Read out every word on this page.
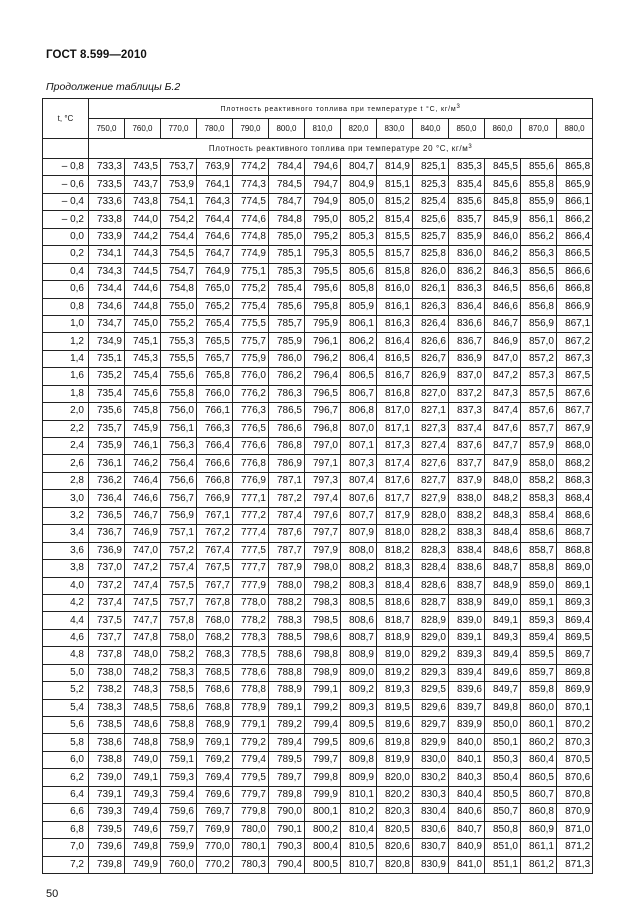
ГОСТ 8.599—2010
Продолжение таблицы Б.2
t, °C	Плотность реактивного топлива при температуре t °C, $кг/м^3$
	750,0	760,0	770,0	780,0	790,0	800,0	810,0	820,0	830,0	840,0	850,0	860,0	870,0	880,0
	Плотность реактивного топлива при температуре 20 °C, $кг/м^3$
– 0,8	733,3	743,5	753,7	763,9	774,2	784,4	794,6	804,7	814,9	825,1	835,3	845,5	855,6	865,8
– 0,6	733,5	743,7	753,9	764,1	774,3	784,5	794,7	804,9	815,1	825,3	835,4	845,6	855,8	865,9
– 0,4	733,6	743,8	754,1	764,3	774,5	784,7	794,9	805,0	815,2	825,4	835,6	845,8	855,9	866,1
– 0,2	733,8	744,0	754,2	764,4	774,6	784,8	795,0	805,2	815,4	825,6	835,7	845,9	856,1	866,2
0,0	733,9	744,2	754,4	764,6	774,8	785,0	795,2	805,3	815,5	825,7	835,9	846,0	856,2	866,4
0,2	734,1	744,3	754,5	764,7	774,9	785,1	795,3	805,5	815,7	825,8	836,0	846,2	856,3	866,5
0,4	734,3	744,5	754,7	764,9	775,1	785,3	795,5	805,6	815,8	826,0	836,2	846,3	856,5	866,6
0,6	734,4	744,6	754,8	765,0	775,2	785,4	795,6	805,8	816,0	826,1	836,3	846,5	856,6	866,8
0,8	734,6	744,8	755,0	765,2	775,4	785,6	795,8	805,9	816,1	826,3	836,4	846,6	856,8	866,9
1,0	734,7	745,0	755,2	765,4	775,5	785,7	795,9	806,1	816,3	826,4	836,6	846,7	856,9	867,1
1,2	734,9	745,1	755,3	765,5	775,7	785,9	796,1	806,2	816,4	826,6	836,7	846,9	857,0	867,2
1,4	735,1	745,3	755,5	765,7	775,9	786,0	796,2	806,4	816,5	826,7	836,9	847,0	857,2	867,3
1,6	735,2	745,4	755,6	765,8	776,0	786,2	796,4	806,5	816,7	826,9	837,0	847,2	857,3	867,5
1,8	735,4	745,6	755,8	766,0	776,2	786,3	796,5	806,7	816,8	827,0	837,2	847,3	857,5	867,6
2,0	735,6	745,8	756,0	766,1	776,3	786,5	796,7	806,8	817,0	827,1	837,3	847,4	857,6	867,7
2,2	735,7	745,9	756,1	766,3	776,5	786,6	796,8	807,0	817,1	827,3	837,4	847,6	857,7	867,9
2,4	735,9	746,1	756,3	766,4	776,6	786,8	797,0	807,1	817,3	827,4	837,6	847,7	857,9	868,0
2,6	736,1	746,2	756,4	766,6	776,8	786,9	797,1	807,3	817,4	827,6	837,7	847,9	858,0	868,2
2,8	736,2	746,4	756,6	766,8	776,9	787,1	797,3	807,4	817,6	827,7	837,9	848,0	858,2	868,3
3,0	736,4	746,6	756,7	766,9	777,1	787,2	797,4	807,6	817,7	827,9	838,0	848,2	858,3	868,4
3,2	736,5	746,7	756,9	767,1	777,2	787,4	797,6	807,7	817,9	828,0	838,2	848,3	858,4	868,6
3,4	736,7	746,9	757,1	767,2	777,4	787,6	797,7	807,9	818,0	828,2	838,3	848,4	858,6	868,7
3,6	736,9	747,0	757,2	767,4	777,5	787,7	797,9	808,0	818,2	828,3	838,4	848,6	858,7	868,8
3,8	737,0	747,2	757,4	767,5	777,7	787,9	798,0	808,2	818,3	828,4	838,6	848,7	858,8	869,0
4,0	737,2	747,4	757,5	767,7	777,9	788,0	798,2	808,3	818,4	828,6	838,7	848,9	859,0	869,1
4,2	737,4	747,5	757,7	767,8	778,0	788,2	798,3	808,5	818,6	828,7	838,9	849,0	859,1	869,3
4,4	737,5	747,7	757,8	768,0	778,2	788,3	798,5	808,6	818,7	828,9	839,0	849,1	859,3	869,4
4,6	737,7	747,8	758,0	768,2	778,3	788,5	798,6	808,7	818,9	829,0	839,1	849,3	859,4	869,5
4,8	737,8	748,0	758,2	768,3	778,5	788,6	798,8	808,9	819,0	829,2	839,3	849,4	859,5	869,7
5,0	738,0	748,2	758,3	768,5	778,6	788,8	798,9	809,0	819,2	829,3	839,4	849,6	859,7	869,8
5,2	738,2	748,3	758,5	768,6	778,8	788,9	799,1	809,2	819,3	829,5	839,6	849,7	859,8	869,9
5,4	738,3	748,5	758,6	768,8	778,9	789,1	799,2	809,3	819,5	829,6	839,7	849,8	860,0	870,1
5,6	738,5	748,6	758,8	768,9	779,1	789,2	799,4	809,5	819,6	829,7	839,9	850,0	860,1	870,2
5,8	738,6	748,8	758,9	769,1	779,2	789,4	799,5	809,6	819,8	829,9	840,0	850,1	860,2	870,3
6,0	738,8	749,0	759,1	769,2	779,4	789,5	799,7	809,8	819,9	830,0	840,1	850,3	860,4	870,5
6,2	739,0	749,1	759,3	769,4	779,5	789,7	799,8	809,9	820,0	830,2	840,3	850,4	860,5	870,6
6,4	739,1	749,3	759,4	769,6	779,7	789,8	799,9	810,1	820,2	830,3	840,4	850,5	860,7	870,8
6,6	739,3	749,4	759,6	769,7	779,8	790,0	800,1	810,2	820,3	830,4	840,6	850,7	860,8	870,9
6,8	739,5	749,6	759,7	769,9	780,0	790,1	800,2	810,4	820,5	830,6	840,7	850,8	860,9	871,0
7,0	739,6	749,8	759,9	770,0	780,1	790,3	800,4	810,5	820,6	830,7	840,9	851,0	861,1	871,2
7,2	739,8	749,9	760,0	770,2	780,3	790,4	800,5	810,7	820,8	830,9	841,0	851,1	861,2	871,3
50
